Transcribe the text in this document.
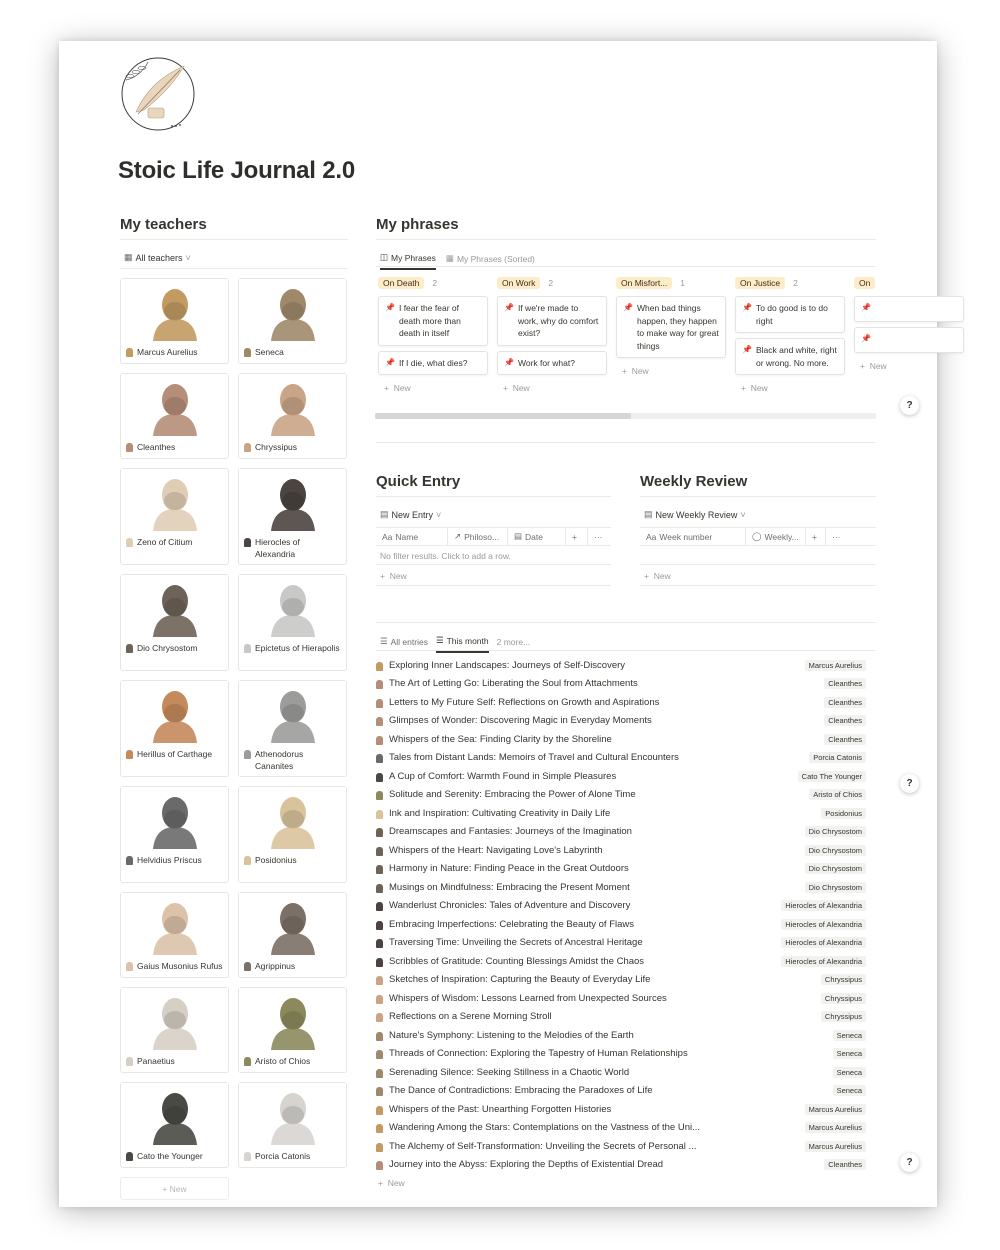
Stoic Life Journal 2.0
My teachers
▦ All teachers ˅
Marcus Aurelius	Seneca
Cleanthes	Chryssipus
Zeno of Citium	Hierocles of Alexandria
Dio Chrysostom	Epictetus of Hierapolis
Herillus of Carthage	Athenodorus Cananites
Helvidius Priscus	Posidonius
Gaius Musonius Rufus	Agrippinus
Panaetius	Aristo of Chios
Cato the Younger	Porcia Catonis
+ New
My phrases
◫ My Phrases ▦ My Phrases (Sorted)
On Death	2
📌 I fear the fear of death more than death in itself
📌 If I die, what dies?
+  New
On Work	2
📌 If we're made to work, why do comfort exist?
📌 Work for what?
+  New
On Misfort...	1
📌 When bad things happen, they happen to make way for great things
+  New
On Justice	2
📌 To do good is to do right
📌 Black and white, right or wrong. No more.
+  New
On
📌
📌
+  New
?
?
?
Quick Entry
▤ New Entry ˅
Aa Name	↗ Philoso... ▤ Date	+ ···
No filter results. Click to add a row.
+  New
Weekly Review
▤ New Weekly Review ˅
Aa Week number	◯ Weekly... + ···
+  New
☰ All entries ☰ This month 2 more...
Exploring Inner Landscapes: Journeys of Self-Discovery	Marcus Aurelius
The Art of Letting Go: Liberating the Soul from Attachments	Cleanthes
Letters to My Future Self: Reflections on Growth and Aspirations	Cleanthes
Glimpses of Wonder: Discovering Magic in Everyday Moments	Cleanthes
Whispers of the Sea: Finding Clarity by the Shoreline	Cleanthes
Tales from Distant Lands: Memoirs of Travel and Cultural Encounters	Porcia Catonis
A Cup of Comfort: Warmth Found in Simple Pleasures	Cato The Younger
Solitude and Serenity: Embracing the Power of Alone Time	Aristo of Chios
Ink and Inspiration: Cultivating Creativity in Daily Life	Posidonius
Dreamscapes and Fantasies: Journeys of the Imagination	Dio Chrysostom
Whispers of the Heart: Navigating Love's Labyrinth	Dio Chrysostom
Harmony in Nature: Finding Peace in the Great Outdoors	Dio Chrysostom
Musings on Mindfulness: Embracing the Present Moment	Dio Chrysostom
Wanderlust Chronicles: Tales of Adventure and Discovery	Hierocles of Alexandria
Embracing Imperfections: Celebrating the Beauty of Flaws	Hierocles of Alexandria
Traversing Time: Unveiling the Secrets of Ancestral Heritage	Hierocles of Alexandria
Scribbles of Gratitude: Counting Blessings Amidst the Chaos	Hierocles of Alexandria
Sketches of Inspiration: Capturing the Beauty of Everyday Life	Chryssipus
Whispers of Wisdom: Lessons Learned from Unexpected Sources	Chryssipus
Reflections on a Serene Morning Stroll	Chryssipus
Nature's Symphony: Listening to the Melodies of the Earth	Seneca
Threads of Connection: Exploring the Tapestry of Human Relationships	Seneca
Serenading Silence: Seeking Stillness in a Chaotic World	Seneca
The Dance of Contradictions: Embracing the Paradoxes of Life	Seneca
Whispers of the Past: Unearthing Forgotten Histories	Marcus Aurelius
Wandering Among the Stars: Contemplations on the Vastness of the Uni...	Marcus Aurelius
The Alchemy of Self-Transformation: Unveiling the Secrets of Personal ...	Marcus Aurelius
Journey into the Abyss: Exploring the Depths of Existential Dread	Cleanthes
+  New
